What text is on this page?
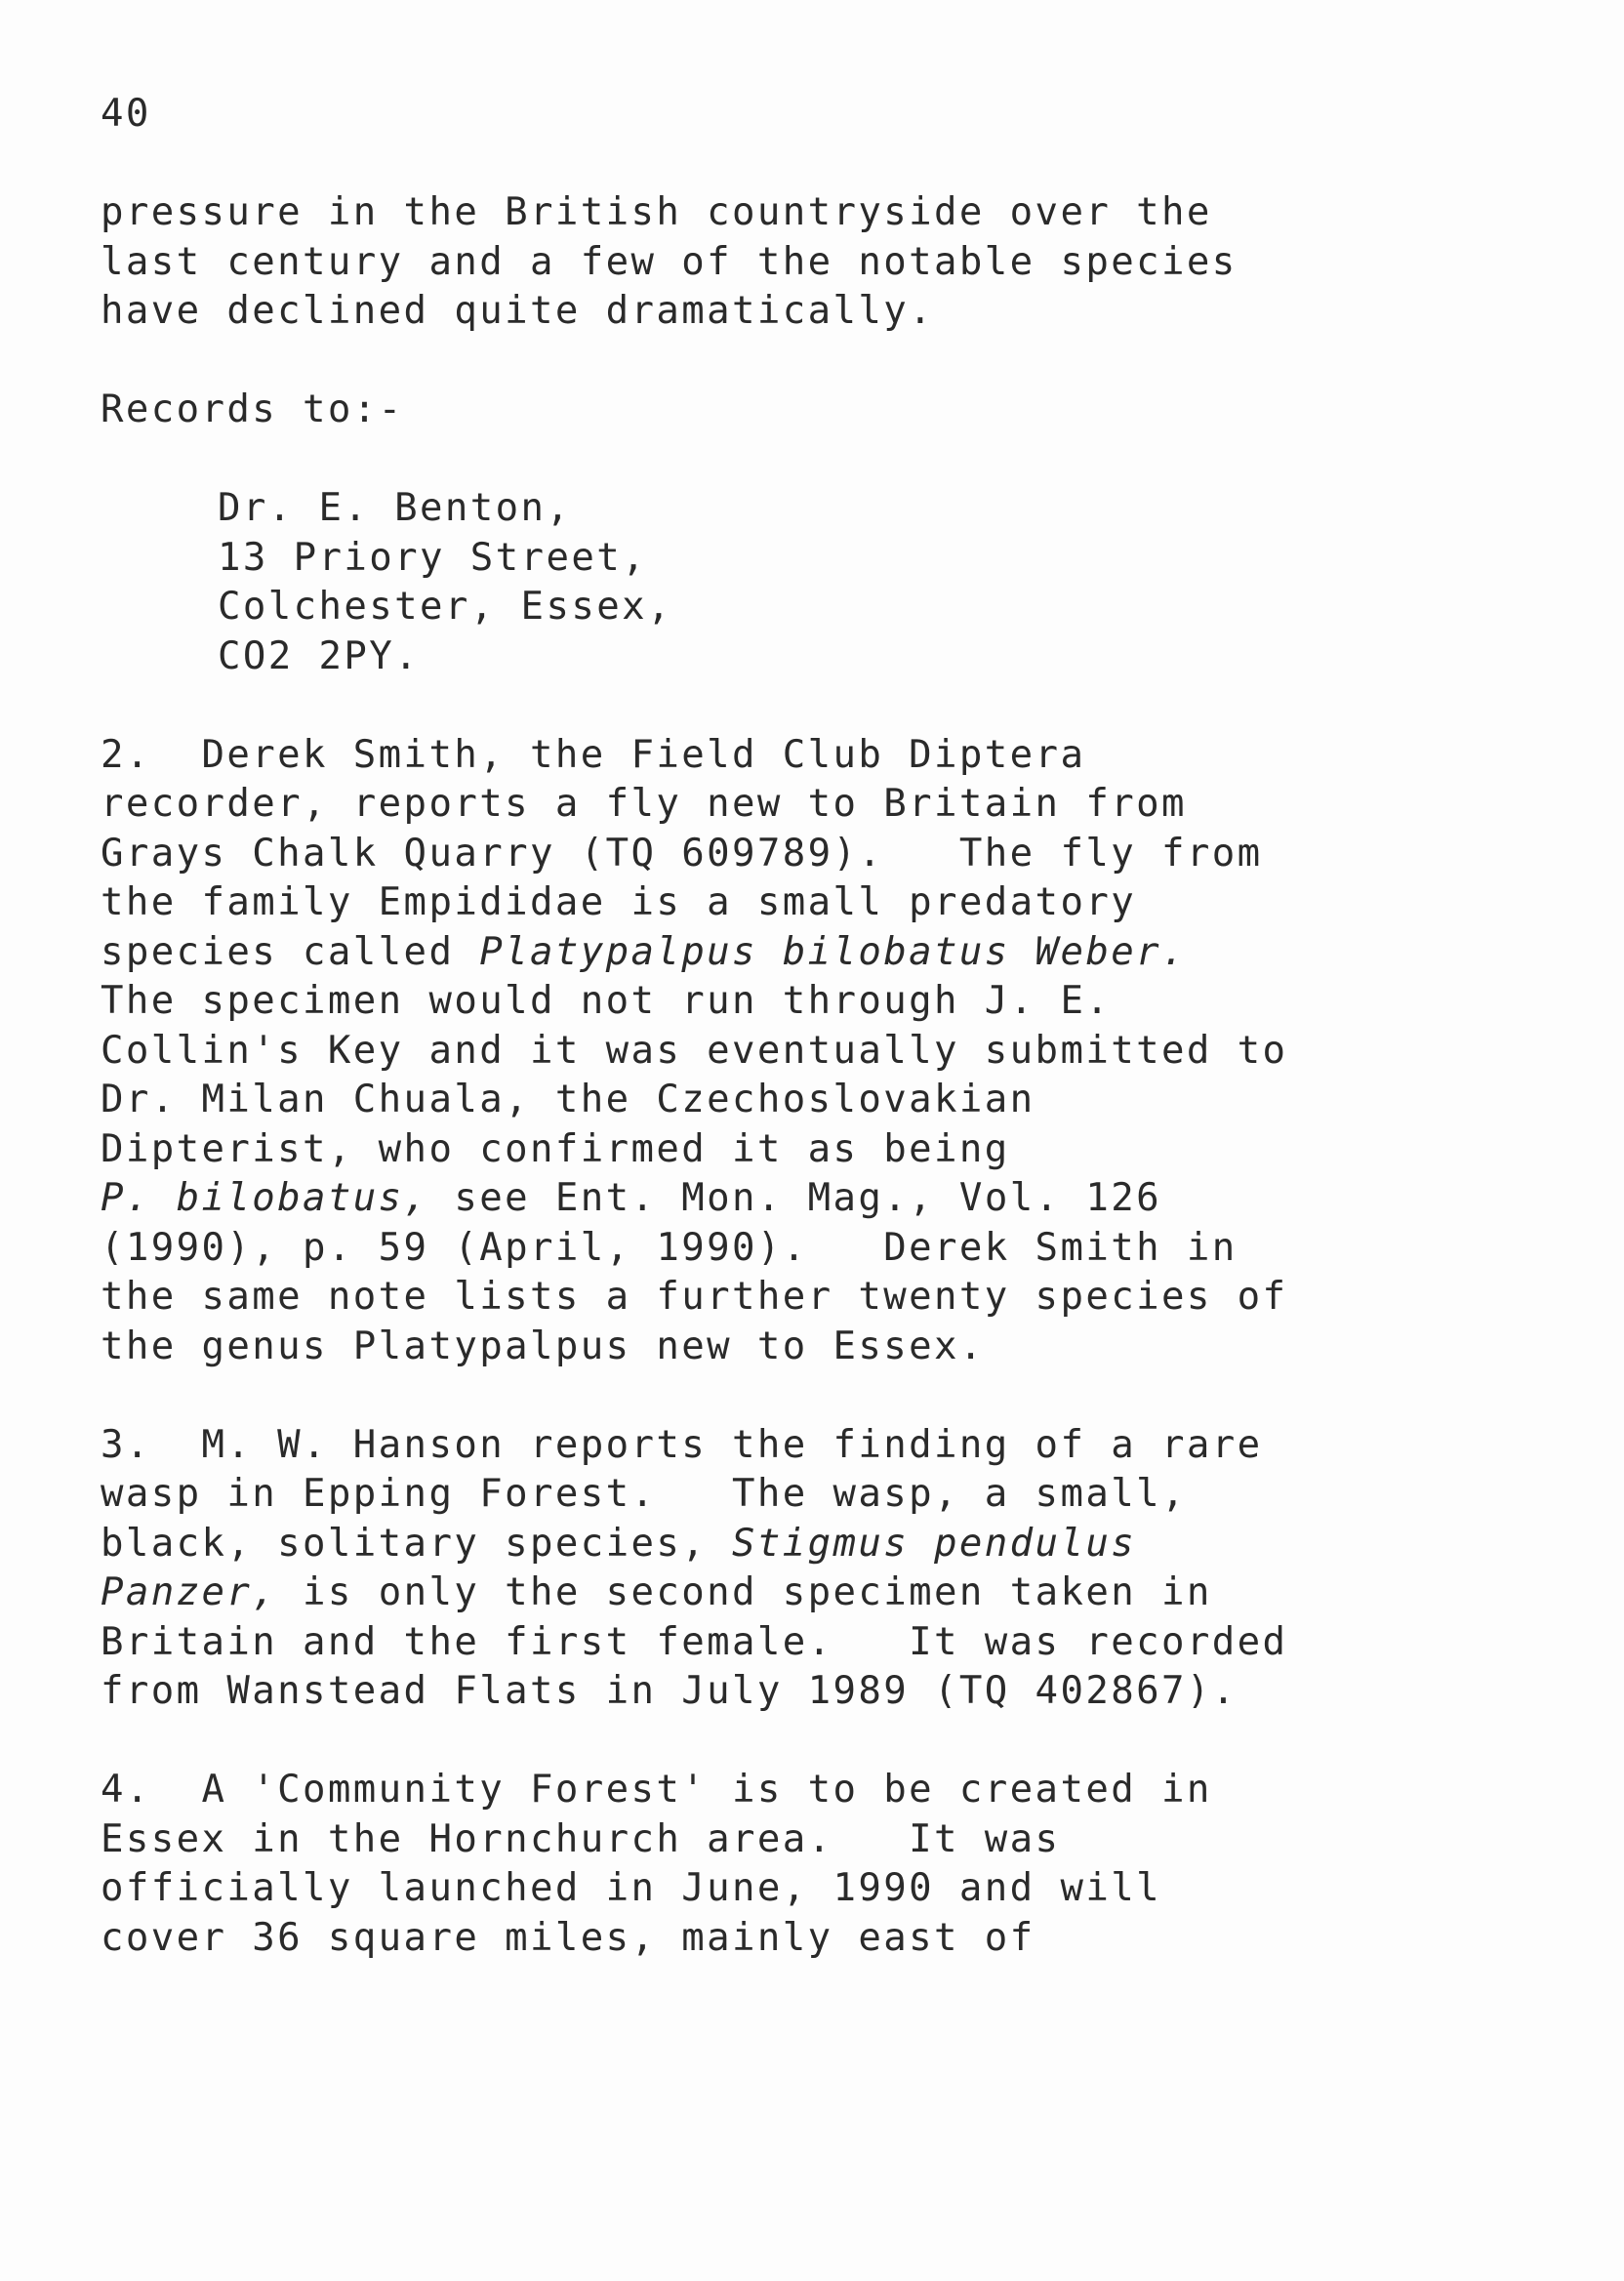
40

pressure in the British countryside over the
last century and a few of the notable species
have declined quite dramatically.

Records to:-

Dr. E. Benton,
13 Priory Street,
Colchester, Essex,
CO2 2PY.

2.  Derek Smith, the Field Club Diptera
recorder, reports a fly new to Britain from
Grays Chalk Quarry (TQ 609789).   The fly from
the family Empididae is a small predatory
species called Platypalpus bilobatus Weber.
The specimen would not run through J. E.
Collin's Key and it was eventually submitted to
Dr. Milan Chuala, the Czechoslovakian
Dipterist, who confirmed it as being
P. bilobatus, see Ent. Mon. Mag., Vol. 126
(1990), p. 59 (April, 1990).   Derek Smith in
the same note lists a further twenty species of
the genus Platypalpus new to Essex.

3.  M. W. Hanson reports the finding of a rare
wasp in Epping Forest.   The wasp, a small,
black, solitary species, Stigmus pendulus
Panzer, is only the second specimen taken in
Britain and the first female.   It was recorded
from Wanstead Flats in July 1989 (TQ 402867).

4.  A 'Community Forest' is to be created in
Essex in the Hornchurch area.   It was
officially launched in June, 1990 and will
cover 36 square miles, mainly east of
